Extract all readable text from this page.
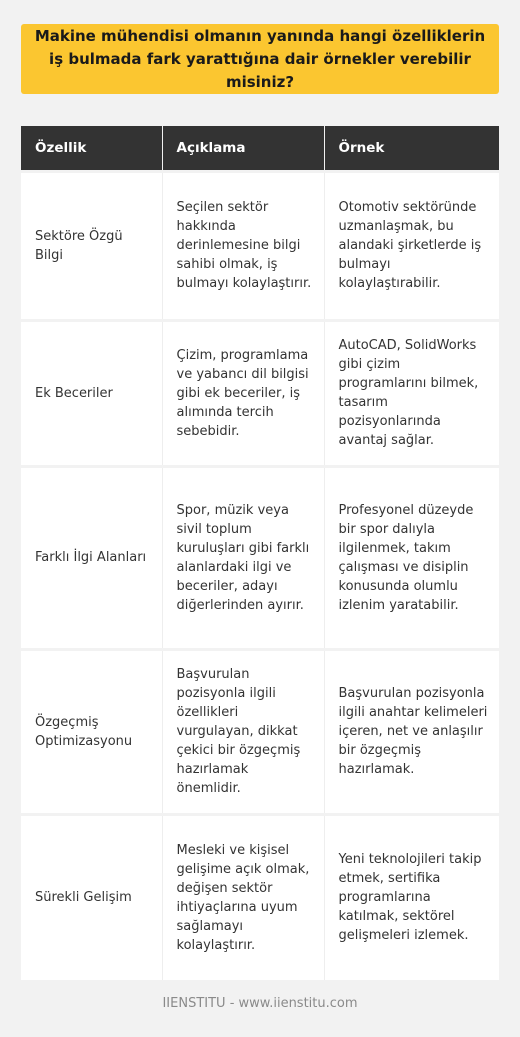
Makine mühendisi olmanın yanında hangi özelliklerin iş bulmada fark yarattığına dair örnekler verebilir misiniz?
Özellik	Açıklama	Örnek
Sektöre Özgü Bilgi	Seçilen sektör hakkında derinlemesine bilgi sahibi olmak, iş bulmayı kolaylaştırır.	Otomotiv sektöründe uzmanlaşmak, bu alandaki şirketlerde iş bulmayı kolaylaştırabilir.
Ek Beceriler	Çizim, programlama ve yabancı dil bilgisi gibi ek beceriler, iş alımında tercih sebebidir.	AutoCAD, SolidWorks gibi çizim programlarını bilmek, tasarım pozisyonlarında avantaj sağlar.
Farklı İlgi Alanları	Spor, müzik veya sivil toplum kuruluşları gibi farklı alanlardaki ilgi ve beceriler, adayı diğerlerinden ayırır.	Profesyonel düzeyde bir spor dalıyla ilgilenmek, takım çalışması ve disiplin konusunda olumlu izlenim yaratabilir.
Özgeçmiş Optimizasyonu	Başvurulan pozisyonla ilgili özellikleri vurgulayan, dikkat çekici bir özgeçmiş hazırlamak önemlidir.	Başvurulan pozisyonla ilgili anahtar kelimeleri içeren, net ve anlaşılır bir özgeçmiş hazırlamak.
Sürekli Gelişim	Mesleki ve kişisel gelişime açık olmak, değişen sektör ihtiyaçlarına uyum sağlamayı kolaylaştırır.	Yeni teknolojileri takip etmek, sertifika programlarına katılmak, sektörel gelişmeleri izlemek.
IIENSTITU - www.iienstitu.com
